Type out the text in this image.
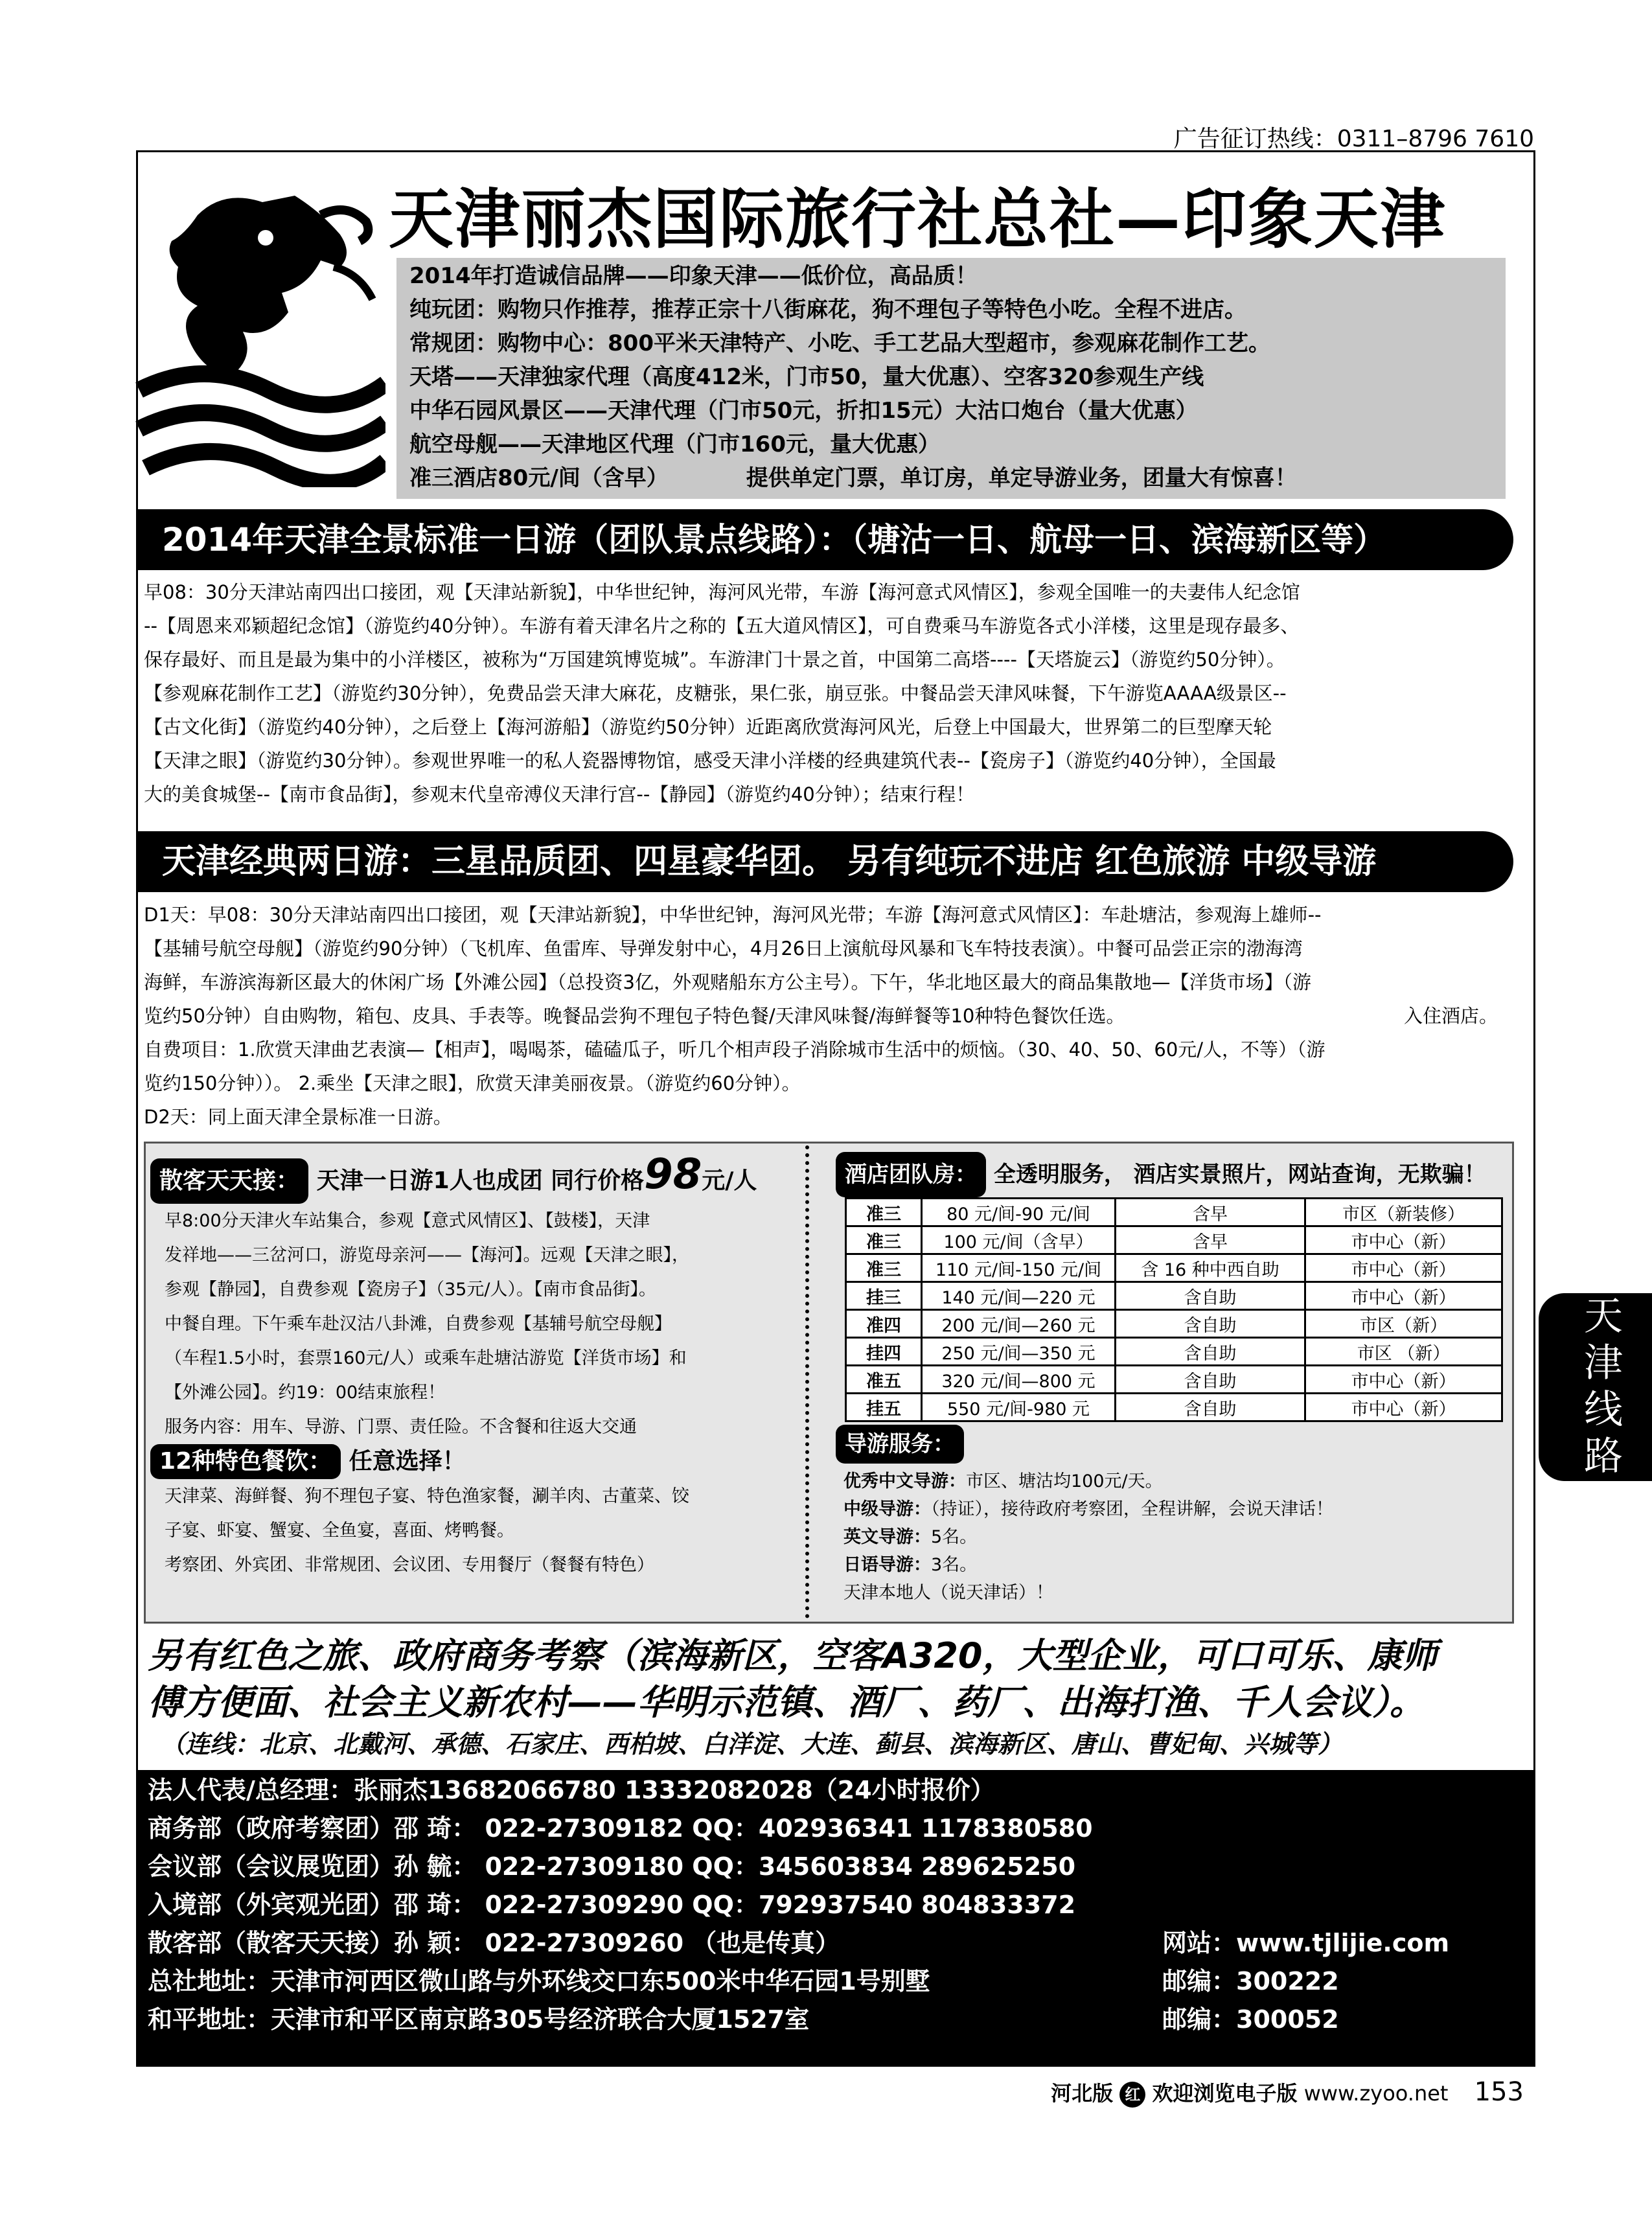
广告征订热线：0311–8796 7610
天津丽杰国际旅行社总社—印象天津
2014年打造诚信品牌——印象天津——低价位，高品质！
纯玩团：购物只作推荐，推荐正宗十八街麻花，狗不理包子等特色小吃。全程不进店。
常规团：购物中心：800平米天津特产、小吃、手工艺品大型超市，参观麻花制作工艺。
天塔——天津独家代理（高度412米，门市50，量大优惠）、空客320参观生产线
中华石园风景区——天津代理（门市50元，折扣15元）大沽口炮台（量大优惠）
航空母舰——天津地区代理（门市160元，量大优惠）
准三酒店80元/间（含早）	提供单定门票，单订房，单定导游业务，团量大有惊喜！
2014年天津全景标准一日游（团队景点线路）：（塘沽一日、航母一日、滨海新区等）
早08：30分天津站南四出口接团，观【天津站新貌】，中华世纪钟，海河风光带，车游【海河意式风情区】，参观全国唯一的夫妻伟人纪念馆
--【周恩来邓颖超纪念馆】（游览约40分钟）。车游有着天津名片之称的【五大道风情区】，可自费乘马车游览各式小洋楼，这里是现存最多、
保存最好、而且是最为集中的小洋楼区，被称为“万国建筑博览城”。车游津门十景之首，中国第二高塔----【天塔旋云】（游览约50分钟）。
【参观麻花制作工艺】（游览约30分钟），免费品尝天津大麻花，皮糖张，果仁张，崩豆张。中餐品尝天津风味餐，下午游览AAAA级景区--
【古文化街】（游览约40分钟），之后登上【海河游船】（游览约50分钟）近距离欣赏海河风光，后登上中国最大，世界第二的巨型摩天轮
【天津之眼】（游览约30分钟）。参观世界唯一的私人瓷器博物馆，感受天津小洋楼的经典建筑代表--【瓷房子】（游览约40分钟），全国最
大的美食城堡--【南市食品街】，参观末代皇帝溥仪天津行宫--【静园】（游览约40分钟）；结束行程！
天津经典两日游：三星品质团、四星豪华团。 另有纯玩不进店 红色旅游 中级导游
D1天：早08：30分天津站南四出口接团，观【天津站新貌】，中华世纪钟，海河风光带；车游【海河意式风情区】：车赴塘沽，参观海上雄师--
【基辅号航空母舰】（游览约90分钟）（飞机库、鱼雷库、导弹发射中心，4月26日上演航母风暴和飞车特技表演）。中餐可品尝正宗的渤海湾
海鲜，车游滨海新区最大的休闲广场【外滩公园】（总投资3亿，外观赌船东方公主号）。下午，华北地区最大的商品集散地—【洋货市场】（游
览约50分钟）自由购物，箱包、皮具、手表等。晚餐品尝狗不理包子特色餐/天津风味餐/海鲜餐等10种特色餐饮任选。	入住酒店。
自费项目：1.欣赏天津曲艺表演—【相声】，喝喝茶，磕磕瓜子，听几个相声段子消除城市生活中的烦恼。（30、40、50、60元/人，不等）（游
览约150分钟））。 2.乘坐【天津之眼】，欣赏天津美丽夜景。（游览约60分钟）。
D2天：同上面天津全景标准一日游。
散客天天接： 天津一日游1人也成团 同行价格98元/人
早8:00分天津火车站集合，参观【意式风情区】、【鼓楼】，天津
发祥地——三岔河口，游览母亲河——【海河】。远观【天津之眼】，
参观【静园】，自费参观【瓷房子】（35元/人）。【南市食品街】。
中餐自理。下午乘车赴汉沽八卦滩，自费参观【基辅号航空母舰】
（车程1.5小时，套票160元/人）或乘车赴塘沽游览【洋货市场】和
【外滩公园】。约19：00结束旅程！
服务内容：用车、导游、门票、责任险。不含餐和往返大交通
12种特色餐饮： 任意选择！
天津菜、海鲜餐、狗不理包子宴、特色渔家餐，涮羊肉、古董菜、饺
子宴、虾宴、蟹宴、全鱼宴，喜面、烤鸭餐。
考察团、外宾团、非常规团、会议团、专用餐厅（餐餐有特色）
酒店团队房： 全透明服务， 酒店实景照片，网站查询，无欺骗！
准三	80 元/间-90 元/间	含早	市区（新装修）
准三	100 元/间（含早）	含早	市中心（新）
准三	110 元/间-150 元/间	含 16 种中西自助	市中心（新）
挂三	140 元/间—220 元	含自助	市中心（新）
准四	200 元/间—260 元	含自助	市区（新）
挂四	250 元/间—350 元	含自助	市区 （新）
准五	320 元/间—800 元	含自助	市中心（新）
挂五	550 元/间-980 元	含自助	市中心（新）
导游服务：
优秀中文导游：市区、塘沽均100元/天。
中级导游：（持证），接待政府考察团，全程讲解，会说天津话！
英文导游：5名。
日语导游：3名。
天津本地人（说天津话）！
另有红色之旅、政府商务考察（滨海新区，空客A320，大型企业，可口可乐、康师
傅方便面、社会主义新农村——华明示范镇、酒厂、药厂、出海打渔、千人会议）。
（连线：北京、北戴河、承德、石家庄、西柏坡、白洋淀、大连、蓟县、滨海新区、唐山、曹妃甸、兴城等）
法人代表/总经理：张丽杰13682066780 13332082028（24小时报价）
商务部（政府考察团）邵 琦： 022-27309182 QQ：402936341 1178380580
会议部（会议展览团）孙 毓： 022-27309180 QQ：345603834 289625250
入境部（外宾观光团）邵 琦： 022-27309290 QQ：792937540 804833372
散客部（散客天天接）孙 颖： 022-27309260 （也是传真）	网站：www.tjlijie.com
总社地址：天津市河西区微山路与外环线交口东500米中华石园1号别墅	邮编：300222
和平地址：天津市和平区南京路305号经济联合大厦1527室	邮编：300052
天津线路
河北版 红 欢迎浏览电子版 www.zyoo.net 153
